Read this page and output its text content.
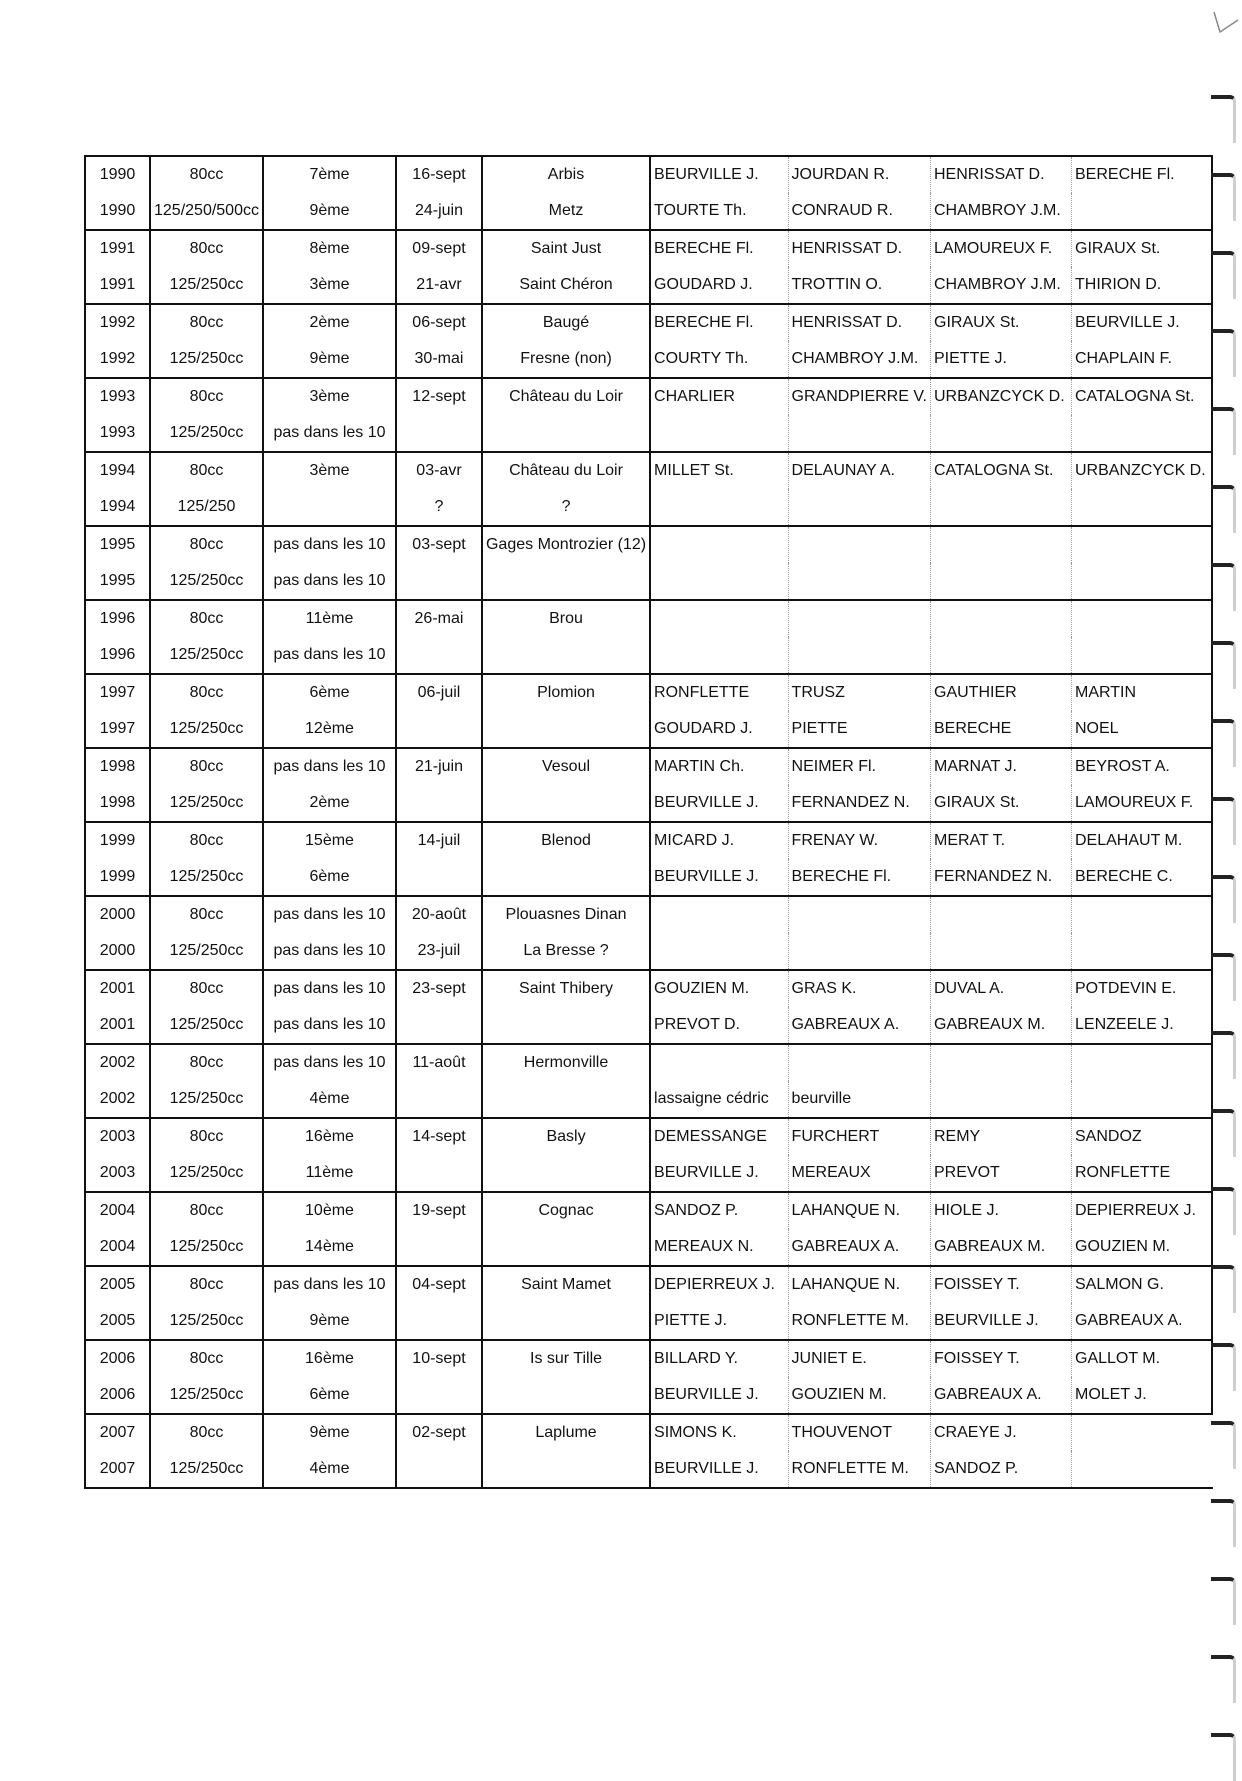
1990	80cc	7ème	16-sept	Arbis	BEURVILLE J.	JOURDAN R.	HENRISSAT D.	BERECHE Fl.	
1990	125/250/500cc	9ème	24-juin	Metz	TOURTE Th.	CONRAUD R.	CHAMBROY J.M.		
1991	80cc	8ème	09-sept	Saint Just	BERECHE Fl.	HENRISSAT D.	LAMOUREUX F.	GIRAUX St.	
1991	125/250cc	3ème	21-avr	Saint Chéron	GOUDARD J.	TROTTIN O.	CHAMBROY J.M.	THIRION D.	
1992	80cc	2ème	06-sept	Baugé	BERECHE Fl.	HENRISSAT D.	GIRAUX St.	BEURVILLE J.	
1992	125/250cc	9ème	30-mai	Fresne (non)	COURTY Th.	CHAMBROY J.M.	PIETTE J.	CHAPLAIN F.	
1993	80cc	3ème	12-sept	Château du Loir	CHARLIER	GRANDPIERRE V.	URBANZCYCK D.	CATALOGNA St.	
1993	125/250cc	pas dans les 10							
1994	80cc	3ème	03-avr	Château du Loir	MILLET St.	DELAUNAY A.	CATALOGNA St.	URBANZCYCK D.	
1994	125/250		?	?					
1995	80cc	pas dans les 10	03-sept	Gages Montrozier (12)					
1995	125/250cc	pas dans les 10							
1996	80cc	11ème	26-mai	Brou					
1996	125/250cc	pas dans les 10							
1997	80cc	6ème	06-juil	Plomion	RONFLETTE	TRUSZ	GAUTHIER	MARTIN	
1997	125/250cc	12ème			GOUDARD J.	PIETTE	BERECHE	NOEL	
1998	80cc	pas dans les 10	21-juin	Vesoul	MARTIN Ch.	NEIMER Fl.	MARNAT J.	BEYROST A.	
1998	125/250cc	2ème			BEURVILLE J.	FERNANDEZ N.	GIRAUX St.	LAMOUREUX F.	
1999	80cc	15ème	14-juil	Blenod	MICARD J.	FRENAY W.	MERAT T.	DELAHAUT M.	
1999	125/250cc	6ème			BEURVILLE J.	BERECHE Fl.	FERNANDEZ N.	BERECHE C.	
2000	80cc	pas dans les 10	20-août	Plouasnes Dinan					
2000	125/250cc	pas dans les 10	23-juil	La Bresse ?					
2001	80cc	pas dans les 10	23-sept	Saint Thibery	GOUZIEN M.	GRAS K.	DUVAL A.	POTDEVIN E.	
2001	125/250cc	pas dans les 10			PREVOT D.	GABREAUX A.	GABREAUX M.	LENZEELE J.	
2002	80cc	pas dans les 10	11-août	Hermonville					
2002	125/250cc	4ème			lassaigne cédric	beurville			
2003	80cc	16ème	14-sept	Basly	DEMESSANGE	FURCHERT	REMY	SANDOZ	
2003	125/250cc	11ème			BEURVILLE J.	MEREAUX	PREVOT	RONFLETTE	
2004	80cc	10ème	19-sept	Cognac	SANDOZ P.	LAHANQUE N.	HIOLE J.	DEPIERREUX J.	
2004	125/250cc	14ème			MEREAUX N.	GABREAUX A.	GABREAUX M.	GOUZIEN M.	
2005	80cc	pas dans les 10	04-sept	Saint Mamet	DEPIERREUX J.	LAHANQUE N.	FOISSEY T.	SALMON G.	
2005	125/250cc	9ème			PIETTE J.	RONFLETTE M.	BEURVILLE J.	GABREAUX A.	
2006	80cc	16ème	10-sept	Is sur Tille	BILLARD Y.	JUNIET E.	FOISSEY T.	GALLOT M.	
2006	125/250cc	6ème			BEURVILLE J.	GOUZIEN M.	GABREAUX A.	MOLET J.	
2007	80cc	9ème	02-sept	Laplume	SIMONS K.	THOUVENOT	CRAEYE J.		
2007	125/250cc	4ème			BEURVILLE J.	RONFLETTE M.	SANDOZ P.		
